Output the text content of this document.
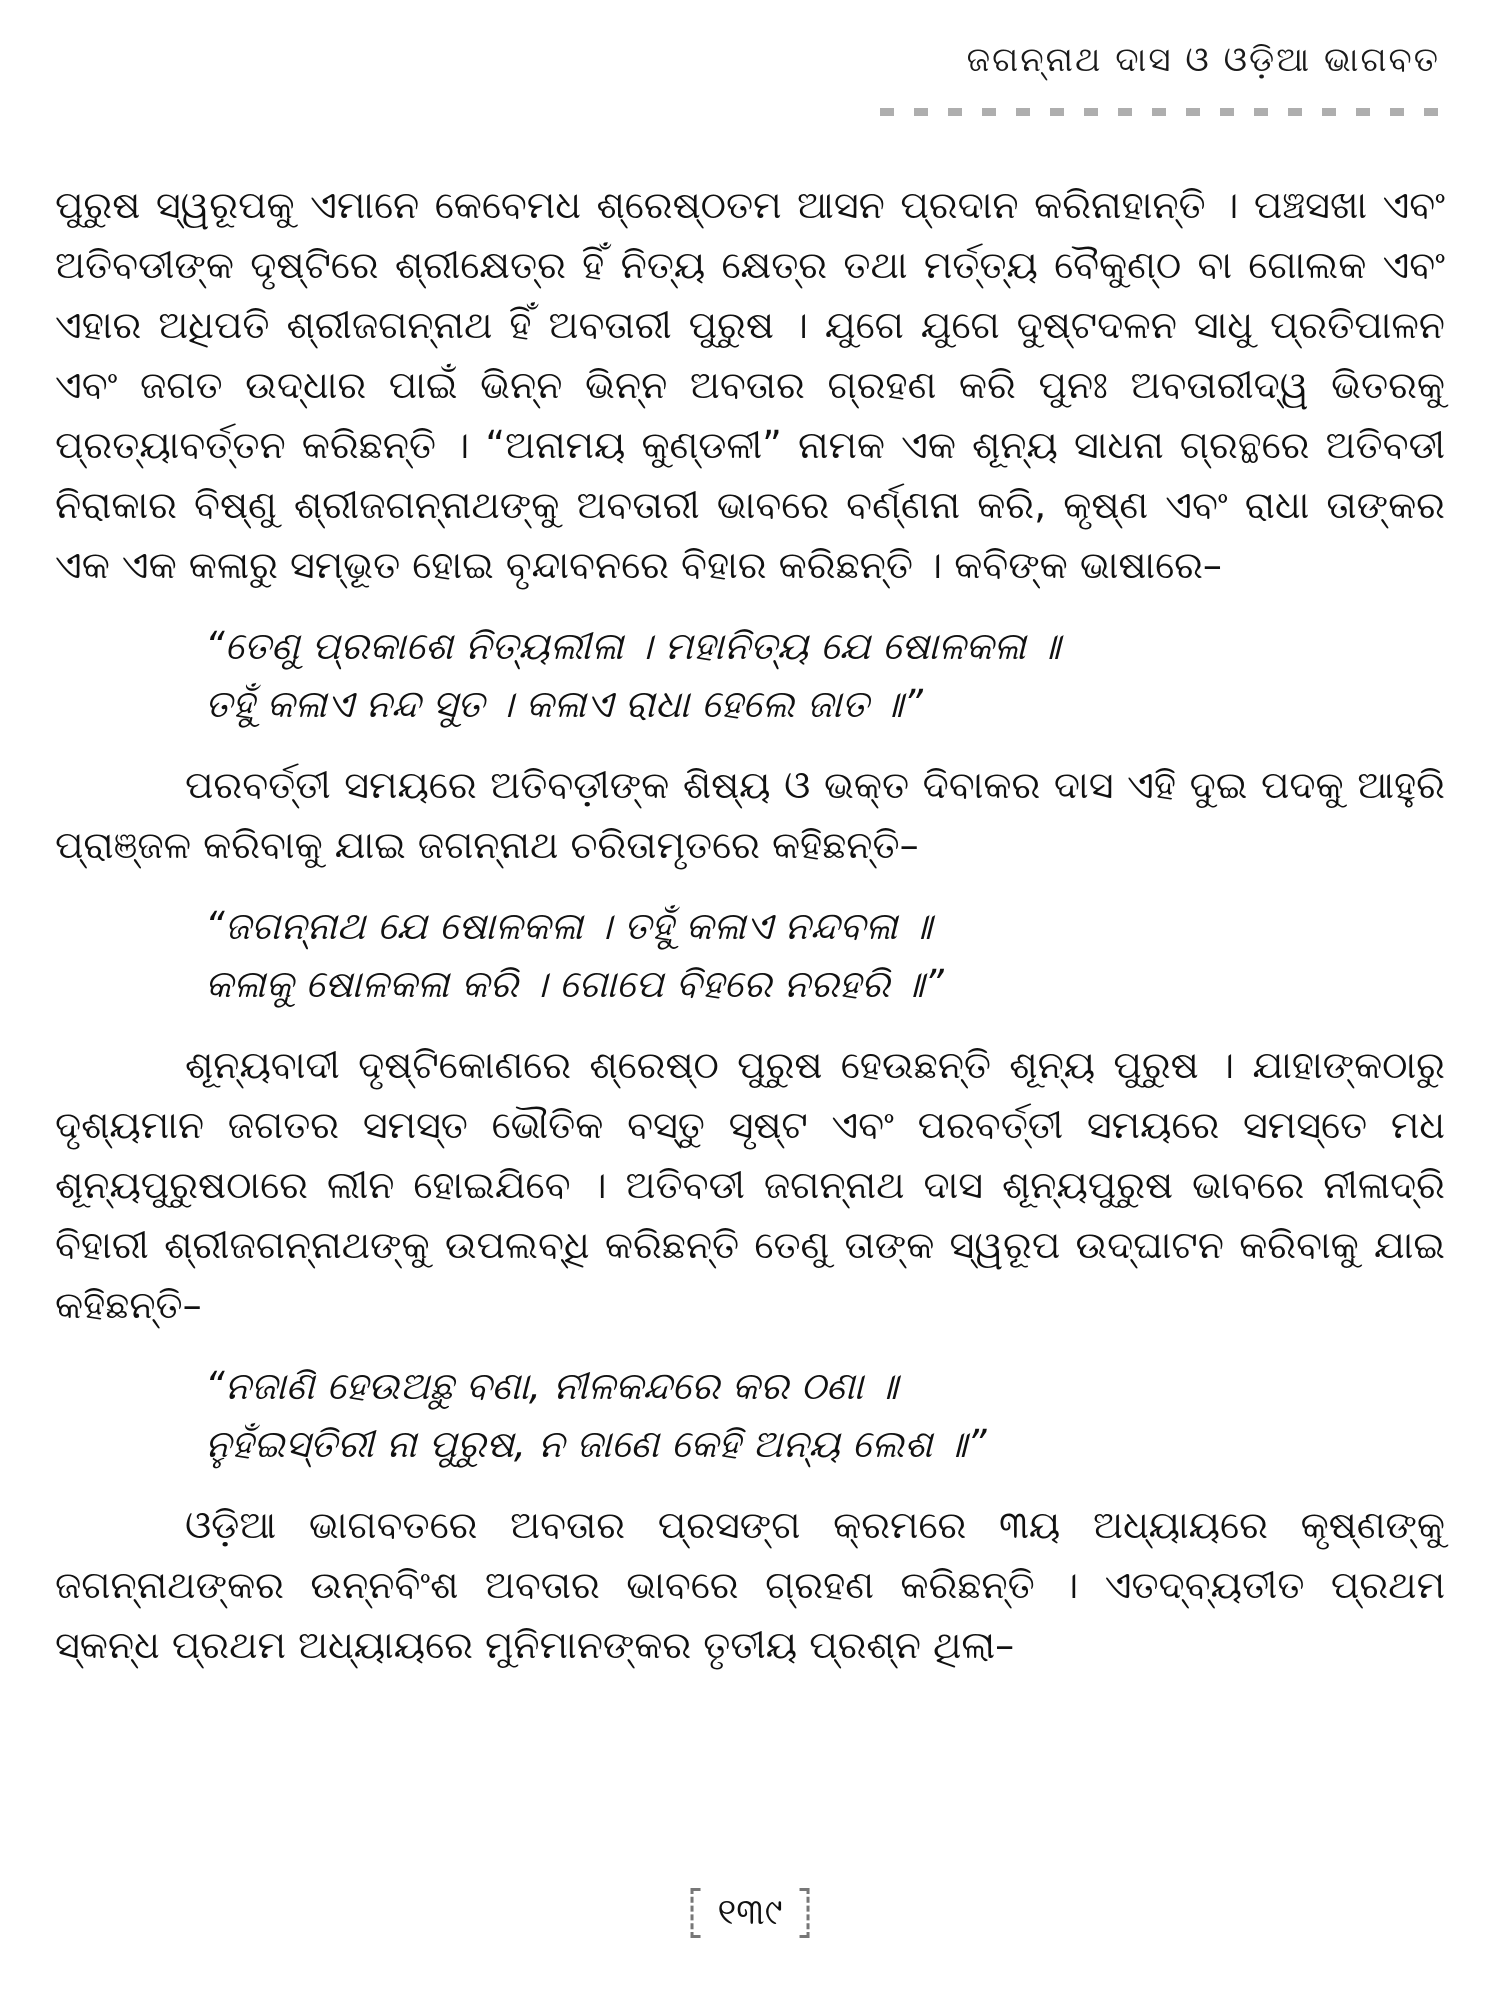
ଜଗନ୍ନାଥ ଦାସ ଓ ଓଡ଼ିଆ ଭାଗବତ

ପୁରୁଷ ସ୍ୱରୂପକୁ ଏମାନେ କେବେମଧ ଶ୍ରେଷ୍ଠତମ ଆସନ ପ୍ରଦାନ କରିନାହାନ୍ତି । ପଞ୍ଚସଖା ଏବଂ ଅତିବଡୀଙ୍କ ଦୃଷ୍ଟିରେ ଶ୍ରୀକ୍ଷେତ୍ର ହିଁ ନିତ୍ୟ କ୍ଷେତ୍ର ତଥା ମର୍ତ୍ତ୍ୟ ବୈକୁଣ୍ଠ ବା ଗୋଲକ ଏବଂ ଏହାର ଅଧିପତି ଶ୍ରୀଜଗନ୍ନାଥ ହିଁ ଅବତାରୀ ପୁରୁଷ । ଯୁଗେ ଯୁଗେ ଦୁଷ୍ଟଦଳନ ସାଧୁ ପ୍ରତିପାଳନ ଏବଂ ଜଗତ ଉଦ୍ଧାର ପାଇଁ ଭିନ୍ନ ଭିନ୍ନ ଅବତାର ଗ୍ରହଣ କରି ପୁନଃ ଅବତାରୀଦ୍ୱ ଭିତରକୁ ପ୍ରତ୍ୟାବର୍ତ୍ତନ କରିଛନ୍ତି । “ଅନାମୟ କୁଣ୍ଡଳୀ” ନାମକ ଏକ ଶୂନ୍ୟ ସାଧନା ଗ୍ରନ୍ଥରେ ଅତିବଡୀ ନିରାକାର ବିଷ୍ଣୁ ଶ୍ରୀଜଗନ୍ନାଥଙ୍କୁ ଅବତାରୀ ଭାବରେ ବର୍ଣ୍ଣନା କରି, କୃଷ୍ଣ ଏବଂ ରାଧା ତାଙ୍କର ଏକ ଏକ କଳାରୁ ସମ୍ଭୂତ ହୋଇ ବୃନ୍ଦାବନରେ ବିହାର କରିଛନ୍ତି । କବିଙ୍କ ଭାଷାରେ–

“ତେଣୁ ପ୍ରକାଶେ ନିତ୍ୟଲୀଳା । ମହାନିତ୍ୟ ଯେ ଷୋଳକଳା ॥
ତହୁଁ କଳାଏ ନନ୍ଦ ସୁତ । କଳାଏ ରାଧା ହେଲେ ଜାତ ॥”

ପରବର୍ତ୍ତୀ ସମୟରେ ଅତିବଡ଼ୀଙ୍କ ଶିଷ୍ୟ ଓ ଭକ୍ତ ଦିବାକର ଦାସ ଏହି ଦୁଇ ପଦକୁ ଆହୁରି ପ୍ରାଞ୍ଜଳ କରିବାକୁ ଯାଇ ଜଗନ୍ନାଥ ଚରିତାମୃତରେ କହିଛନ୍ତି–

“ଜଗନ୍ନାଥ ଯେ ଷୋଳକଳା । ତହୁଁ କଳାଏ ନନ୍ଦବଳା ॥
କଳାକୁ ଷୋଳକଳା କରି । ଗୋପେ ବିହରେ ନରହରି ॥”

ଶୂନ୍ୟବାଦୀ ଦୃଷ୍ଟିକୋଣରେ ଶ୍ରେଷ୍ଠ ପୁରୁଷ ହେଉଛନ୍ତି ଶୂନ୍ୟ ପୁରୁଷ । ଯାହାଙ୍କଠାରୁ ଦୃଶ୍ୟମାନ ଜଗତର ସମସ୍ତ ଭୌତିକ ବସ୍ତୁ ସୃଷ୍ଟ ଏବଂ ପରବର୍ତ୍ତୀ ସମୟରେ ସମସ୍ତେ ମଧ ଶୂନ୍ୟପୁରୁଷଠାରେ ଲୀନ ହୋଇଯିବେ । ଅତିବଡୀ ଜଗନ୍ନାଥ ଦାସ ଶୂନ୍ୟପୁରୁଷ ଭାବରେ ନୀଳାଦ୍ରି ବିହାରୀ ଶ୍ରୀଜଗନ୍ନାଥଙ୍କୁ ଉପଲବ୍ଧି କରିଛନ୍ତି ତେଣୁ ତାଙ୍କ ସ୍ୱରୂପ ଉଦ୍‌ଘାଟନ କରିବାକୁ ଯାଇ କହିଛନ୍ତି–

“ନଜାଣି ହେଉଅଛୁ ବଣା, ନୀଳକନ୍ଦରେ କର ଠଣା ॥
ନୁହଁଇସ୍ତିରୀ ନା ପୁରୁଷ, ନ ଜାଣେ କେହି ଅନ୍ୟ ଲେଶ ॥”

ଓଡ଼ିଆ ଭାଗବତରେ ଅବତାର ପ୍ରସଙ୍ଗ କ୍ରମରେ ୩ୟ ଅଧ୍ୟାୟରେ କୃଷ୍ଣଙ୍କୁ ଜଗନ୍ନାଥଙ୍କର ଉନ୍ନବିଂଶ ଅବତାର ଭାବରେ ଗ୍ରହଣ କରିଛନ୍ତି । ଏତଦ୍‌ବ୍ୟତୀତ ପ୍ରଥମ ସ୍କନ୍ଧ ପ୍ରଥମ ଅଧ୍ୟାୟରେ ମୁନିମାନଙ୍କର ତୃତୀୟ ପ୍ରଶ୍ନ ଥିଲା–

୧୩୯
